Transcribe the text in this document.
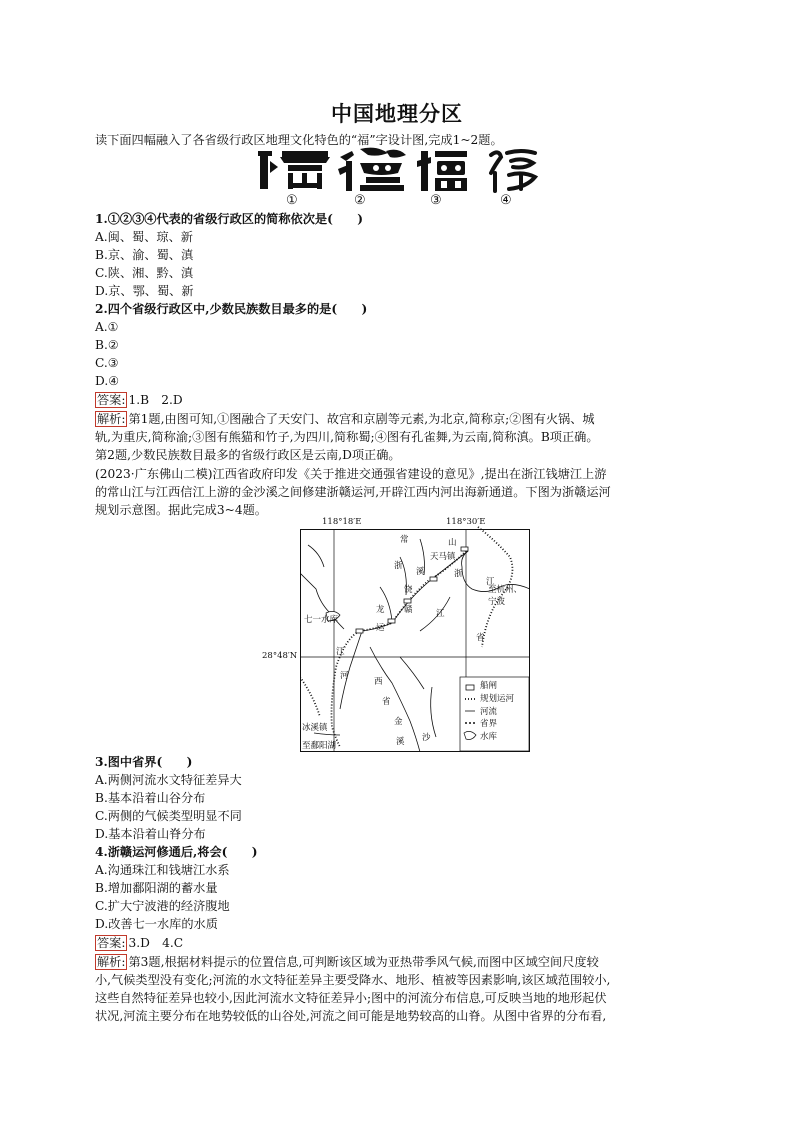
中国地理分区
读下面四幅融入了各省级行政区地理文化特色的“福”字设计图,完成1~2题。
①	②	③	④
1.①②③④代表的省级行政区的简称依次是(　　)
A.闽、蜀、琼、新
B.京、渝、蜀、滇
C.陕、湘、黔、滇
D.京、鄂、蜀、新
2.四个省级行政区中,少数民族数目最多的是(　　)
A.①
B.②
C.③
D.④
答案: 1.B　2.D
解析: 第1题,由图可知,①图融合了天安门、故宫和京剧等元素,为北京,简称京;②图有火锅、城
轨,为重庆,简称渝;③图有熊猫和竹子,为四川,简称蜀;④图有孔雀舞,为云南,简称滇。B项正确。
第2题,少数民族数目最多的省级行政区是云南,D项正确。
(2023·广东佛山二模)江西省政府印发《关于推进交通强省建设的意见》,提出在浙江钱塘江上游
的常山江与江西信江上游的金沙溪之间修建浙赣运河,开辟江西内河出海新通道。下图为浙赣运河
规划示意图。据此完成3~4题。
118°18′E	118°30′E
28°48′N
天马镇
七一水库
冰溪镇
至杭州、
宁波
至鄱阳湖
常	山
浙
溪	浙
江
饶
龙 赣	江
运
省
江
河
西
省
金
溪 沙
船闸
规划运河
河流
省界
水库
3.图中省界(　　)
A.两侧河流水文特征差异大
B.基本沿着山谷分布
C.两侧的气候类型明显不同
D.基本沿着山脊分布
4.浙赣运河修通后,将会(　　)
A.沟通珠江和钱塘江水系
B.增加鄱阳湖的蓄水量
C.扩大宁波港的经济腹地
D.改善七一水库的水质
答案: 3.D　4.C
解析: 第3题,根据材料提示的位置信息,可判断该区域为亚热带季风气候,而图中区域空间尺度较
小,气候类型没有变化;河流的水文特征差异主要受降水、地形、植被等因素影响,该区域范围较小,
这些自然特征差异也较小,因此河流水文特征差异小;图中的河流分布信息,可反映当地的地形起伏
状况,河流主要分布在地势较低的山谷处,河流之间可能是地势较高的山脊。从图中省界的分布看,
